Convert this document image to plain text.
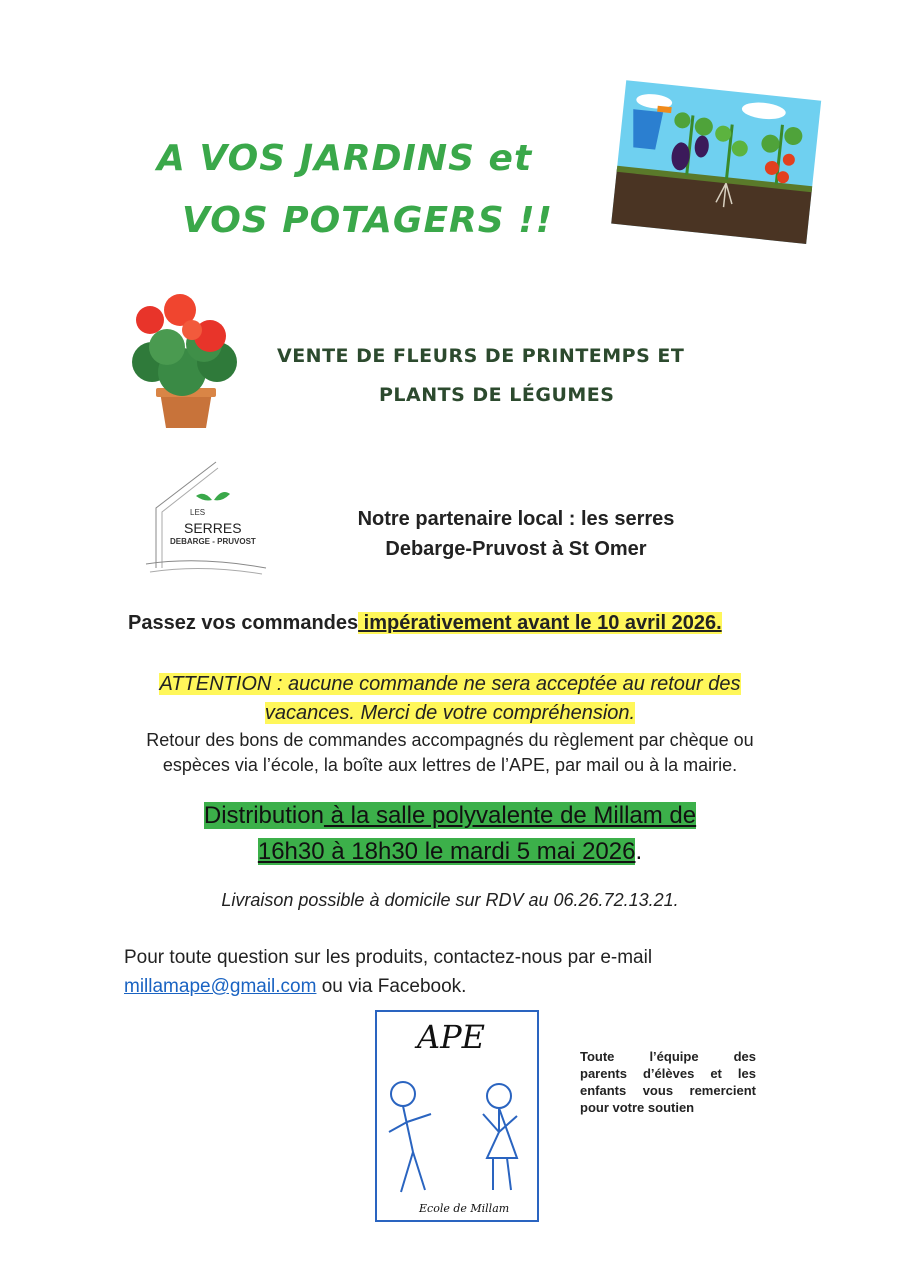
A VOS JARDINS et
VOS POTAGERS !!
VENTE DE FLEURS DE PRINTEMPS ET
PLANTS DE LÉGUMES
LES
SERRES
DEBARGE - PRUVOST
Notre partenaire local : les serres
Debarge-Pruvost à St Omer
Passez vos commandes impérativement avant le 10 avril 2026.
ATTENTION : aucune commande ne sera acceptée au retour des
vacances. Merci de votre compréhension.
Retour des bons de commandes accompagnés du règlement par chèque ou
espèces via l’école, la boîte aux lettres de l’APE, par mail ou à la mairie.
Distribution à la salle polyvalente de Millam de
16h30 à 18h30 le mardi 5 mai 2026.
Livraison possible à domicile sur RDV au 06.26.72.13.21.
Pour toute question sur les produits, contactez-nous par e-mail
millamape@gmail.com ou via Facebook.
APE
Ecole de Millam
Toute l’équipe des
parents d’élèves et les
enfants vous remercient
pour votre soutien
